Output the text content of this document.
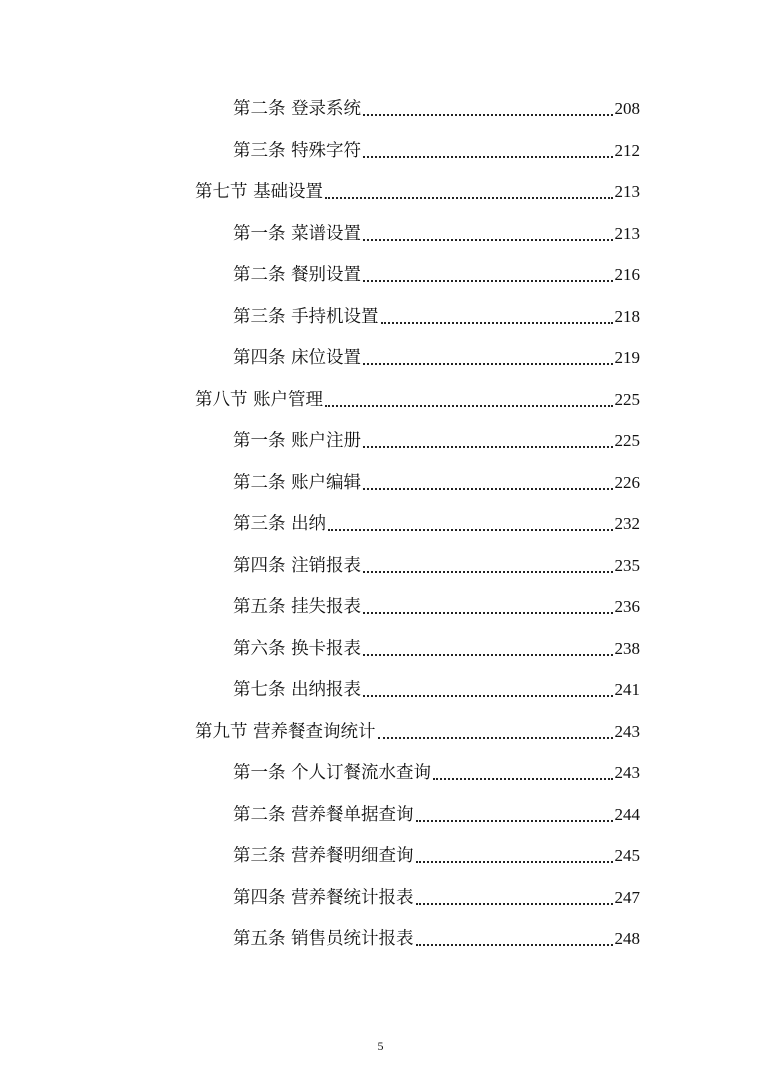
第二条 登录系统	208
第三条 特殊字符	212
第七节 基础设置	213
第一条 菜谱设置	213
第二条 餐别设置	216
第三条 手持机设置	218
第四条 床位设置	219
第八节 账户管理	225
第一条 账户注册	225
第二条 账户编辑	226
第三条 出纳	232
第四条 注销报表	235
第五条 挂失报表	236
第六条 换卡报表	238
第七条 出纳报表	241
第九节 营养餐查询统计	243
第一条 个人订餐流水查询	243
第二条 营养餐单据查询	244
第三条 营养餐明细查询	245
第四条 营养餐统计报表	247
第五条 销售员统计报表	248
5
